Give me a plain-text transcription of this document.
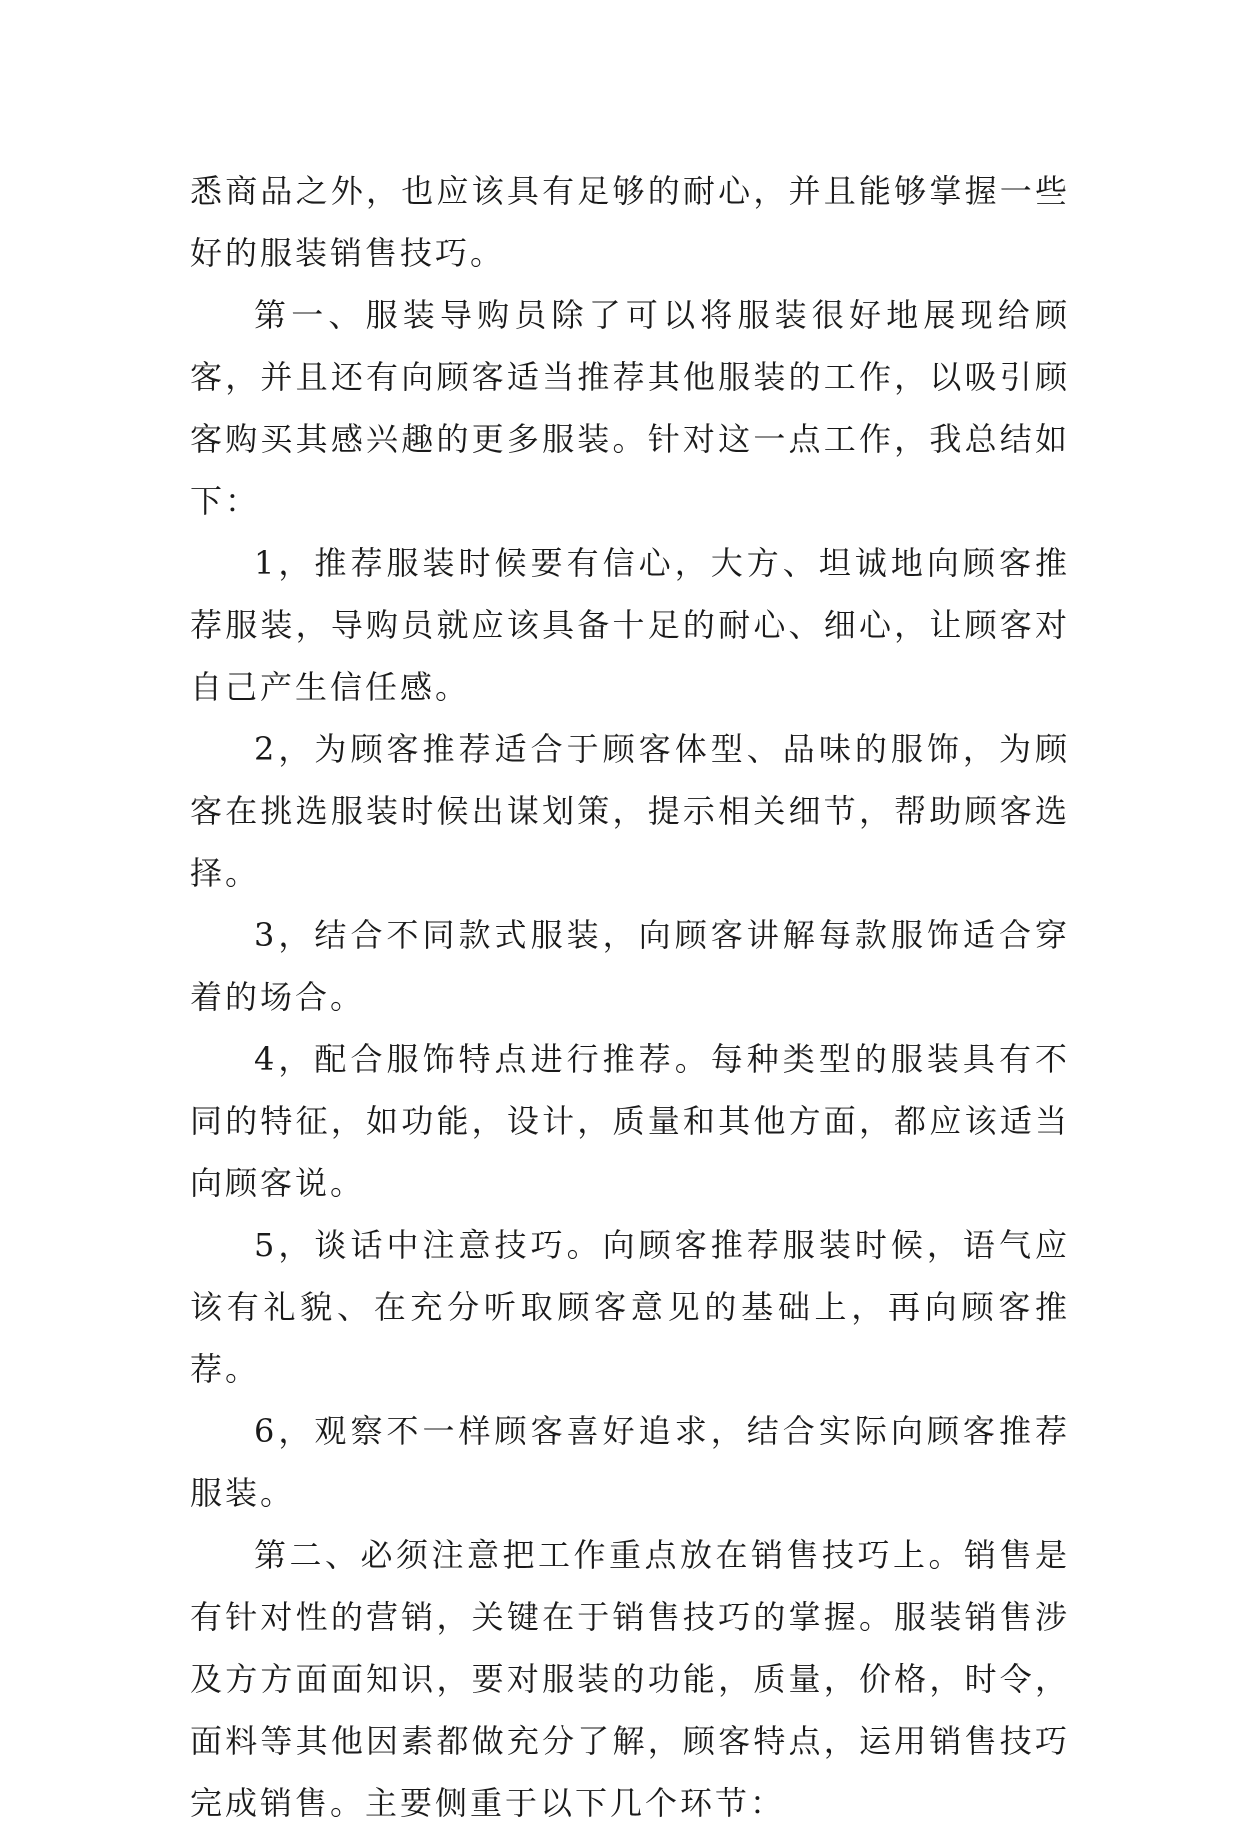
悉商品之外，也应该具有足够的耐心，并且能够掌握一些好的服装销售技巧。

第一、服装导购员除了可以将服装很好地展现给顾客，并且还有向顾客适当推荐其他服装的工作，以吸引顾客购买其感兴趣的更多服装。针对这一点工作，我总结如下：

1，推荐服装时候要有信心，大方、坦诚地向顾客推荐服装，导购员就应该具备十足的耐心、细心，让顾客对自己产生信任感。

2，为顾客推荐适合于顾客体型、品味的服饰，为顾客在挑选服装时候出谋划策，提示相关细节，帮助顾客选择。

3，结合不同款式服装，向顾客讲解每款服饰适合穿着的场合。

4，配合服饰特点进行推荐。每种类型的服装具有不同的特征，如功能，设计，质量和其他方面，都应该适当向顾客说。

5，谈话中注意技巧。向顾客推荐服装时候，语气应该有礼貌、在充分听取顾客意见的基础上，再向顾客推荐。

6，观察不一样顾客喜好追求，结合实际向顾客推荐服装。

第二、必须注意把工作重点放在销售技巧上。销售是有针对性的营销，关键在于销售技巧的掌握。服装销售涉及方方面面知识，要对服装的功能，质量，价格，时令，面料等其他因素都做充分了解，顾客特点，运用销售技巧完成销售。主要侧重于以下几个环节：
